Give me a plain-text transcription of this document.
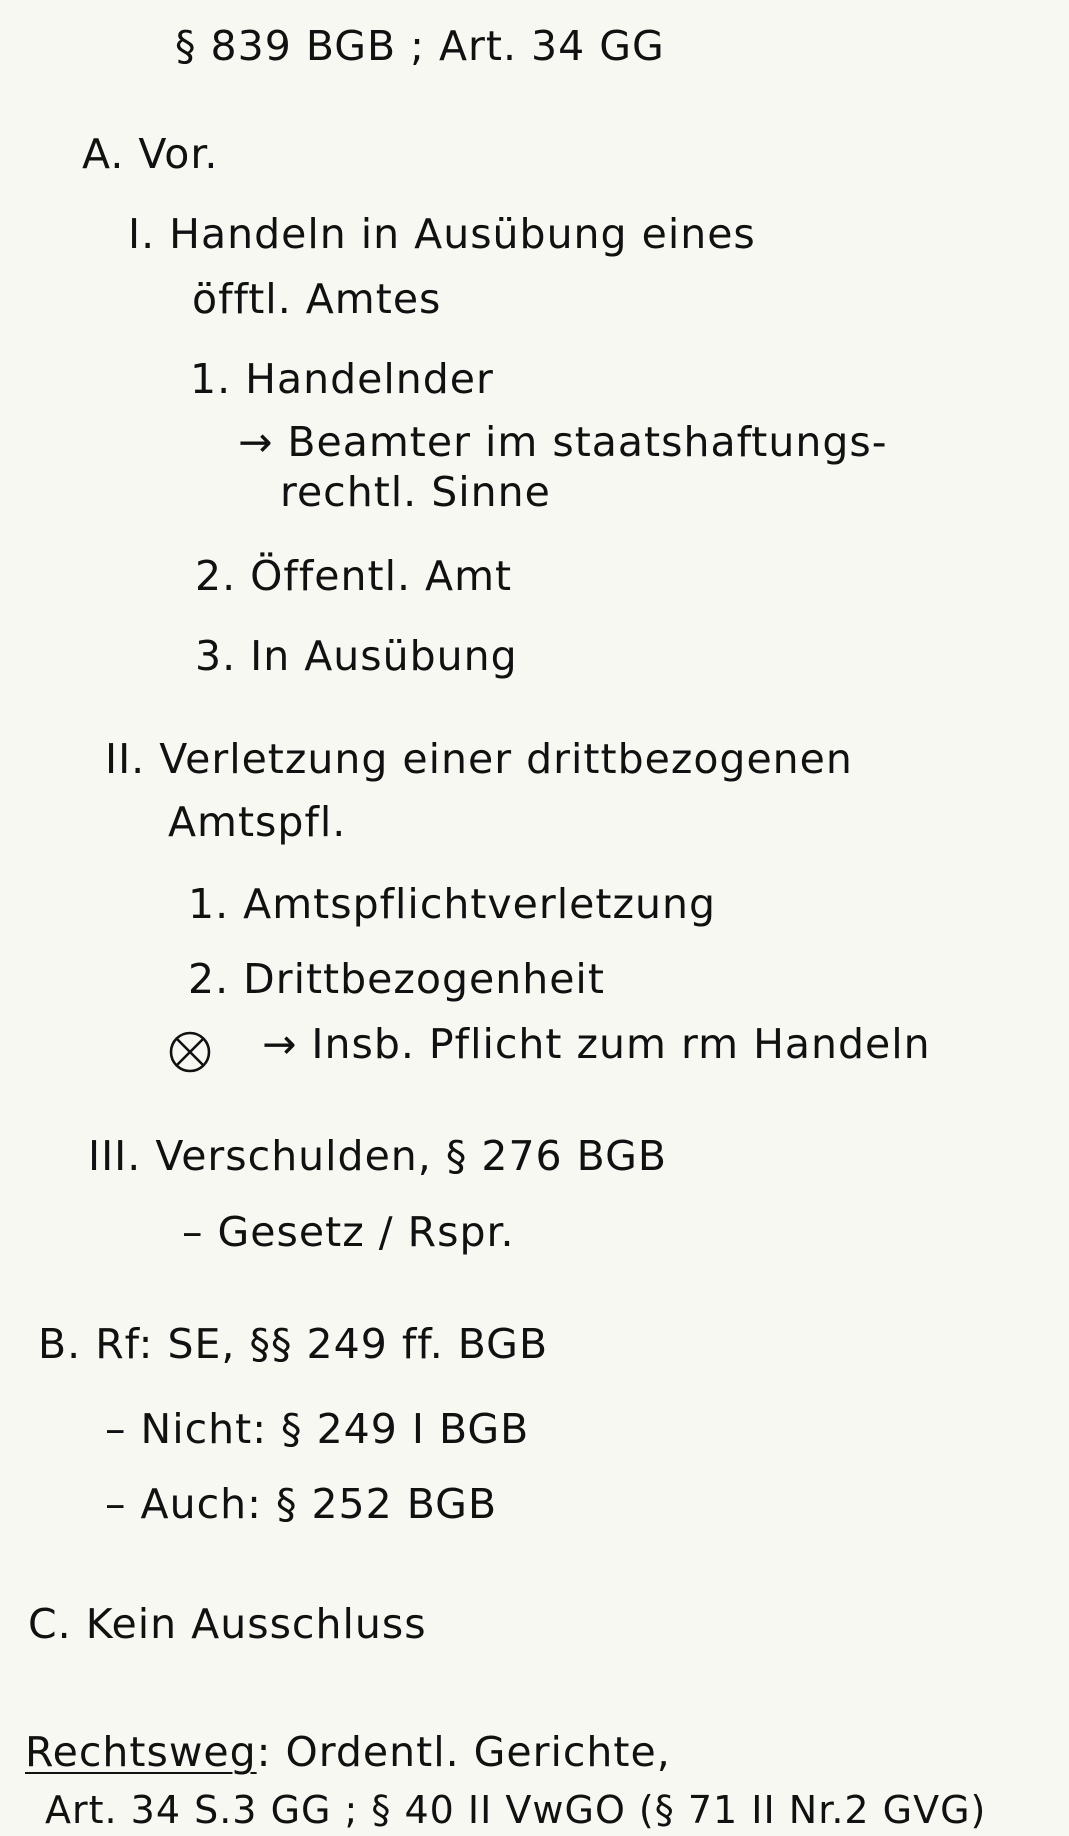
§ 839 BGB ; Art. 34 GG
A. Vor.
I. Handeln in Ausübung eines
öfftl. Amtes
1. Handelnder
→ Beamter im staatshaftungs-
rechtl. Sinne
2. Öffentl. Amt
3. In Ausübung
II. Verletzung einer drittbezogenen
Amtspfl.
1. Amtspflichtverletzung
2. Drittbezogenheit
→ Insb. Pflicht zum rm Handeln
III. Verschulden, § 276 BGB
– Gesetz / Rspr.
B. Rf: SE, §§ 249 ff. BGB
– Nicht: § 249 I BGB
– Auch: § 252 BGB
C. Kein Ausschluss
Rechtsweg: Ordentl. Gerichte,
Art. 34 S.3 GG ; § 40 II VwGO (§ 71 II Nr.2 GVG)
